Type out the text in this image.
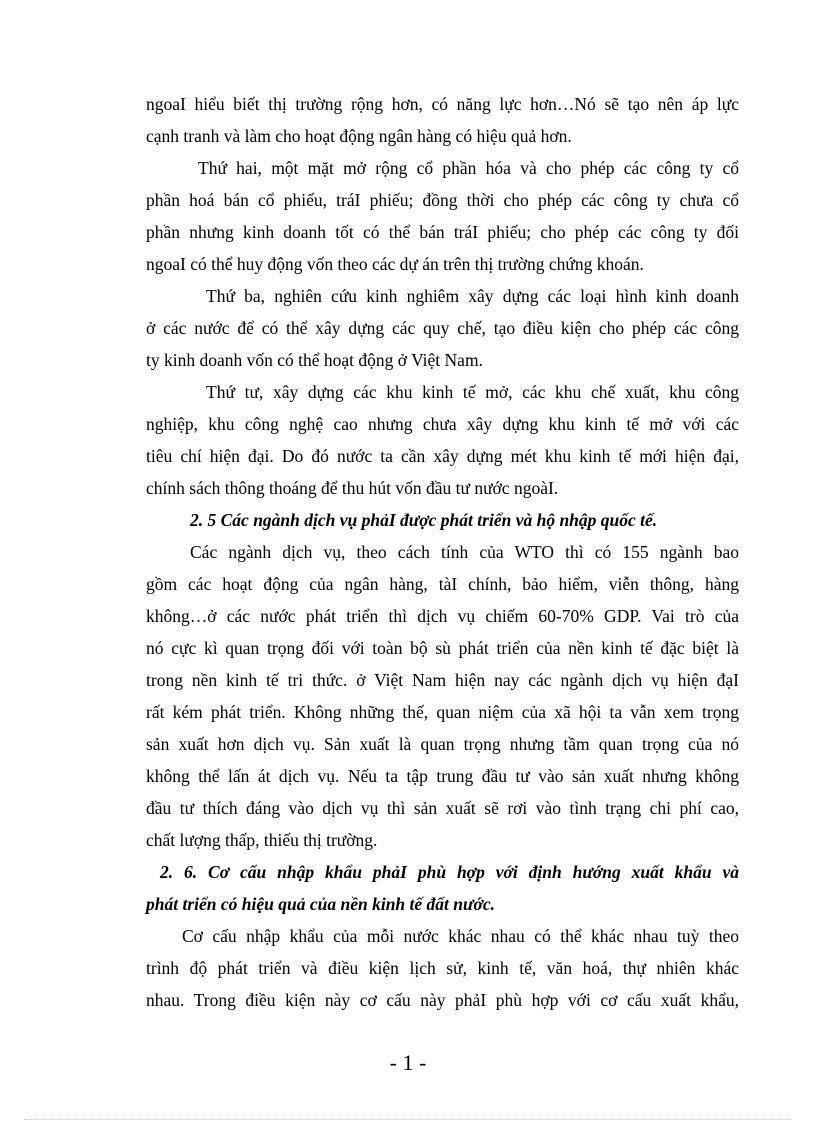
ngoaI hiểu biết thị trường rộng hơn, có năng lực hơn…Nó sẽ tạo nên áp lực
cạnh tranh và làm cho hoạt động ngân hàng có hiệu quả hơn.
Thứ hai, một mặt mở rộng cổ phần hóa và cho phép các công ty cổ
phần hoá bán cổ phiếu, tráI phiếu; đồng thời cho phép các công ty chưa cổ
phần nhưng kinh doanh tốt có thể bán tráI phiếu; cho phép các công ty đối
ngoaI có thể huy động vốn theo các dự án trên thị trường chứng khoán.
Thứ ba, nghiên cứu kinh nghiêm xây dựng các loại hình kinh doanh
ở các nước để có thể xây dựng các quy chế, tạo điều kiện cho phép các công
ty kinh doanh vốn có thể hoạt động ở Việt Nam.
Thứ tư, xây dựng các khu kinh tế mở, các khu chế xuất, khu công
nghiệp, khu công nghệ cao nhưng chưa xây dựng khu kinh tế mở với các
tiêu chí hiện đại. Do đó nước ta cần xây dựng mét khu kinh tế mới hiện đại,
chính sách thông thoáng để thu hút vốn đầu tư nước ngoàI.
2. 5 Các ngành dịch vụ phảI được phát triển và hộ nhập quốc tế.
Các ngành dịch vụ, theo cách tính của WTO thì có 155 ngành bao
gồm các hoạt động của ngân hàng, tàI chính, bảo hiểm, viễn thông, hàng
không…ở các nước phát triển thì dịch vụ chiếm 60-70% GDP. Vai trò của
nó cực kì quan trọng đối với toàn bộ sù phát triển của nền kinh tế đặc biệt là
trong nền kinh tế tri thức. ở Việt Nam hiện nay các ngành dịch vụ hiện đạI
rất kém phát triển. Không những thế, quan niệm của xã hội ta vẫn xem trọng
sản xuất hơn dịch vụ. Sản xuất là quan trọng nhưng tầm quan trọng của nó
không thể lấn át dịch vụ. Nếu ta tập trung đầu tư vào sản xuất nhưng không
đầu tư thích đáng vào dịch vụ thì sản xuất sẽ rơi vào tình trạng chi phí cao,
chất lượng thấp, thiếu thị trường.
2. 6. Cơ cấu nhập khẩu phảI phù hợp với định hướng xuất khẩu và
phát triển có hiệu quả của nền kinh tế đất nước.
Cơ cấu nhập khẩu của mỗi nước khác nhau có thể khác nhau tuỳ theo
trình độ phát triển và điều kiện lịch sử, kinh tế, văn hoá, thự nhiên khác
nhau. Trong điều kiện này cơ cấu này phảI phù hợp với cơ cấu xuất khẩu,
- 1 -
